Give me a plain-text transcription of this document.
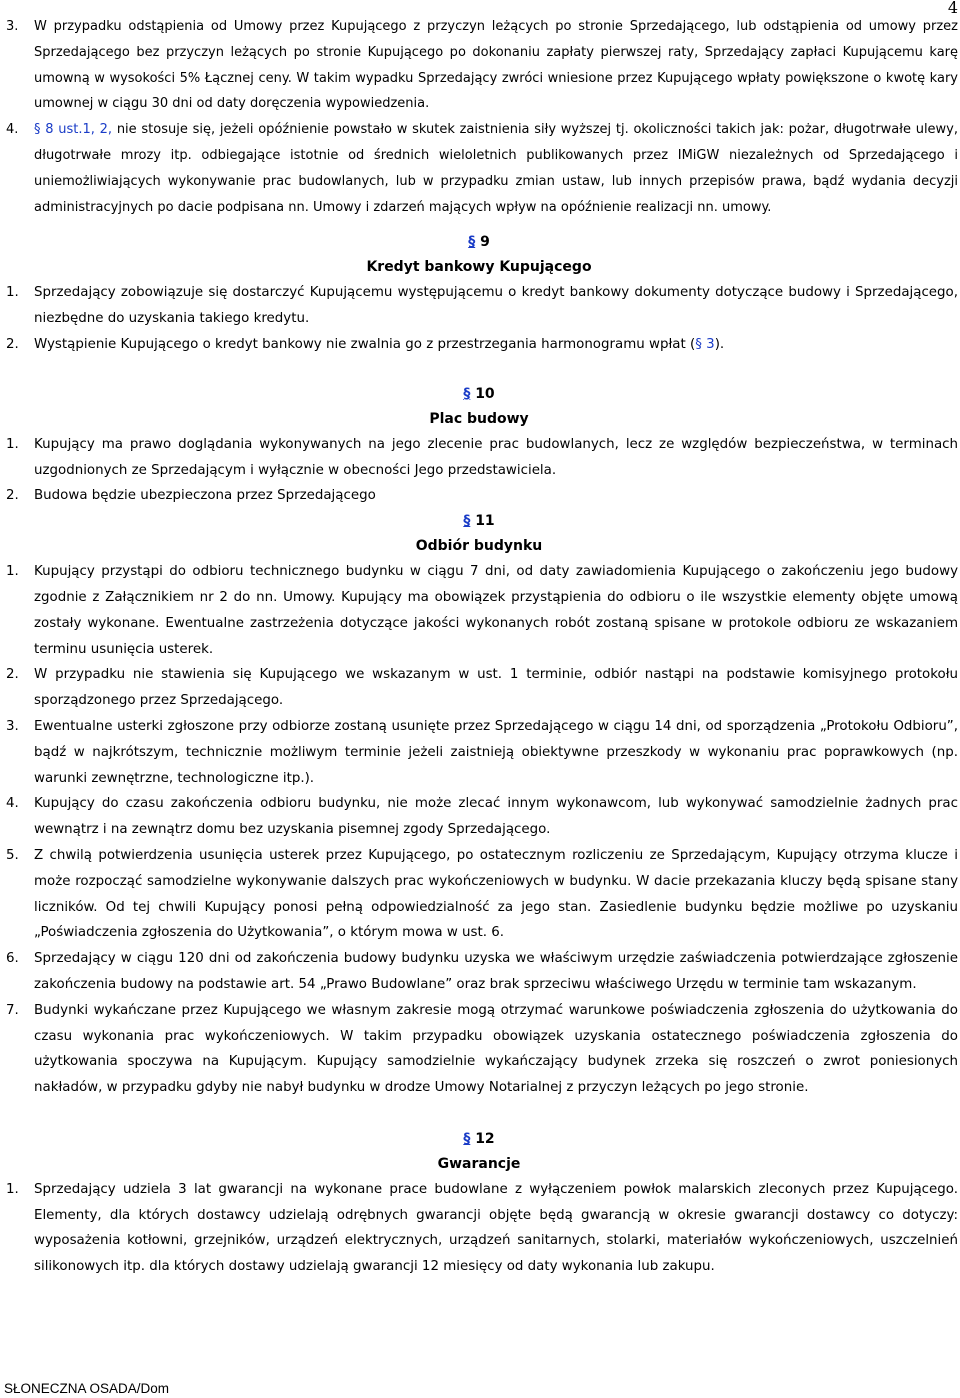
4
3. W przypadku odstąpienia od Umowy przez Kupującego z przyczyn leżących po stronie Sprzedającego, lub odstąpienia od umowy przez Sprzedającego bez przyczyn leżących po stronie Kupującego po dokonaniu zapłaty pierwszej raty, Sprzedający zapłaci Kupującemu karę umowną w wysokości 5% Łącznej ceny. W takim wypadku Sprzedający zwróci wniesione przez Kupującego wpłaty powiększone o kwotę kary umownej w ciągu 30 dni od daty doręczenia wypowiedzenia.
4. § 8 ust.1, 2, nie stosuje się, jeżeli opóźnienie powstało w skutek zaistnienia siły wyższej tj. okoliczności takich jak: pożar, długotrwałe ulewy, długotrwałe mrozy itp. odbiegające istotnie od średnich wieloletnich publikowanych przez IMiGW niezależnych od Sprzedającego i uniemożliwiających wykonywanie prac budowlanych, lub w przypadku zmian ustaw, lub innych przepisów prawa, bądź wydania decyzji administracyjnych po dacie podpisana nn. Umowy i zdarzeń mających wpływ na opóźnienie realizacji nn. umowy.
§ 9
Kredyt bankowy Kupującego
1. Sprzedający zobowiązuje się dostarczyć Kupującemu występującemu o kredyt bankowy dokumenty dotyczące budowy i Sprzedającego, niezbędne do uzyskania takiego kredytu.
2. Wystąpienie Kupującego o kredyt bankowy nie zwalnia go z przestrzegania harmonogramu wpłat (§ 3).
§ 10
Plac budowy
1. Kupujący ma prawo doglądania wykonywanych na jego zlecenie prac budowlanych, lecz ze względów bezpieczeństwa, w terminach uzgodnionych ze Sprzedającym i wyłącznie w obecności Jego przedstawiciela.
2. Budowa będzie ubezpieczona przez Sprzedającego
§ 11
Odbiór budynku
1. Kupujący przystąpi do odbioru technicznego budynku w ciągu 7 dni, od daty zawiadomienia Kupującego o zakończeniu jego budowy zgodnie z Załącznikiem nr 2 do nn. Umowy. Kupujący ma obowiązek przystąpienia do odbioru o ile wszystkie elementy objęte umową zostały wykonane. Ewentualne zastrzeżenia dotyczące jakości wykonanych robót zostaną spisane w protokole odbioru ze wskazaniem terminu usunięcia usterek.
2. W przypadku nie stawienia się Kupującego we wskazanym w ust. 1 terminie, odbiór nastąpi na podstawie komisyjnego protokołu sporządzonego przez Sprzedającego.
3. Ewentualne usterki zgłoszone przy odbiorze zostaną usunięte przez Sprzedającego w ciągu 14 dni, od sporządzenia „Protokołu Odbioru”, bądź w najkrótszym, technicznie możliwym terminie jeżeli zaistnieją obiektywne przeszkody w wykonaniu prac poprawkowych (np. warunki zewnętrzne, technologiczne itp.).
4. Kupujący do czasu zakończenia odbioru budynku, nie może zlecać innym wykonawcom, lub wykonywać samodzielnie żadnych prac wewnątrz i na zewnątrz domu bez uzyskania pisemnej zgody Sprzedającego.
5. Z chwilą potwierdzenia usunięcia usterek przez Kupującego, po ostatecznym rozliczeniu ze Sprzedającym, Kupujący otrzyma klucze i może rozpocząć samodzielne wykonywanie dalszych prac wykończeniowych w budynku. W dacie przekazania kluczy będą spisane stany liczników. Od tej chwili Kupujący ponosi pełną odpowiedzialność za jego stan. Zasiedlenie budynku będzie możliwe po uzyskaniu „Poświadczenia zgłoszenia do Użytkowania”, o którym mowa w ust. 6.
6. Sprzedający w ciągu 120 dni od zakończenia budowy budynku uzyska we właściwym urzędzie zaświadczenia potwierdzające zgłoszenie zakończenia budowy na podstawie art. 54 „Prawo Budowlane” oraz brak sprzeciwu właściwego Urzędu w terminie tam wskazanym.
7. Budynki wykańczane przez Kupującego we własnym zakresie mogą otrzymać warunkowe poświadczenia zgłoszenia do użytkowania do czasu wykonania prac wykończeniowych. W takim przypadku obowiązek uzyskania ostatecznego poświadczenia zgłoszenia do użytkowania spoczywa na Kupującym. Kupujący samodzielnie wykańczający budynek zrzeka się roszczeń o zwrot poniesionych nakładów, w przypadku gdyby nie nabył budynku w drodze Umowy Notarialnej z przyczyn leżących po jego stronie.
§ 12
Gwarancje
1. Sprzedający udziela 3 lat gwarancji na wykonane prace budowlane z wyłączeniem powłok malarskich zleconych przez Kupującego. Elementy, dla których dostawcy udzielają odrębnych gwarancji objęte będą gwarancją w okresie gwarancji dostawcy co dotyczy: wyposażenia kotłowni, grzejników, urządzeń elektrycznych, urządzeń sanitarnych, stolarki, materiałów wykończeniowych, uszczelnień silikonowych itp. dla których dostawy udzielają gwarancji 12 miesięcy od daty wykonania lub zakupu.
SŁONECZNA OSADA/Dom
